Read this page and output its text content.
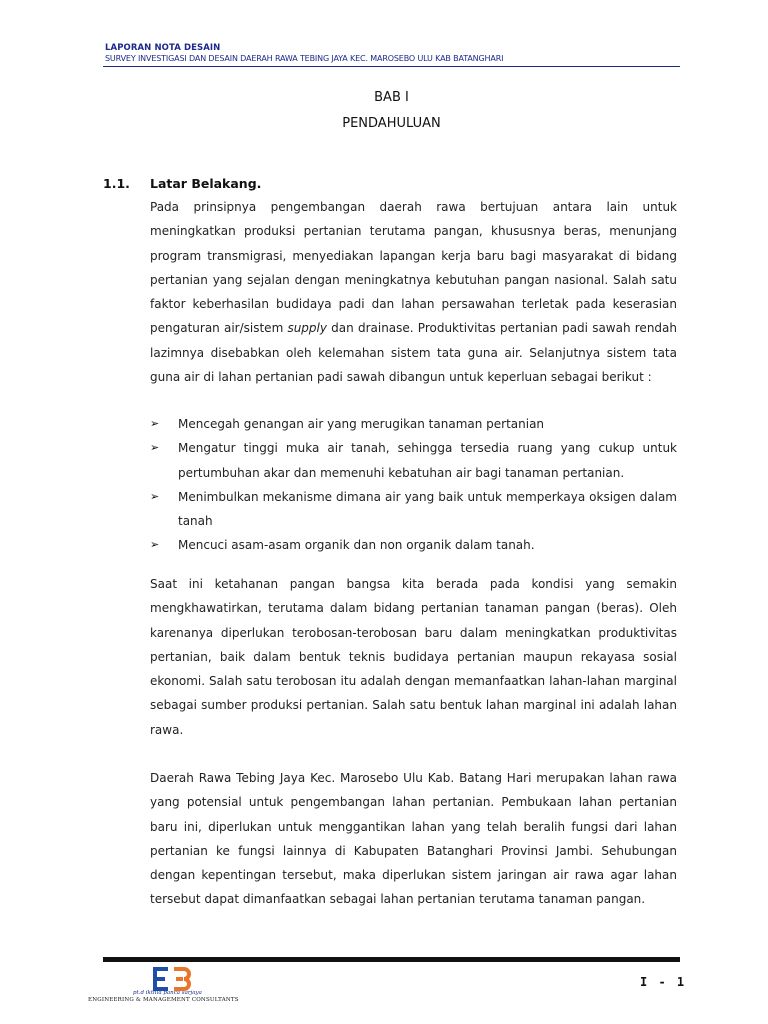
LAPORAN NOTA DESAIN
SURVEY INVESTIGASI DAN DESAIN DAERAH RAWA TEBING JAYA KEC. MAROSEBO ULU KAB BATANGHARI
BAB I
PENDAHULUAN
1.1. Latar Belakang.

Pada prinsipnya pengembangan daerah rawa bertujuan antara lain untuk meningkatkan produksi pertanian terutama pangan, khususnya beras, menunjang program transmigrasi, menyediakan lapangan kerja baru bagi masyarakat di bidang pertanian yang sejalan dengan meningkatnya kebutuhan pangan nasional. Salah satu faktor keberhasilan budidaya padi dan lahan persawahan terletak pada keserasian pengaturan air/sistem supply dan drainase. Produktivitas pertanian padi sawah rendah lazimnya disebabkan oleh kelemahan sistem tata guna air. Selanjutnya sistem tata guna air di lahan pertanian padi sawah dibangun untuk keperluan sebagai berikut :

➢ Mencegah genangan air yang merugikan tanaman pertanian
➢ Mengatur tinggi muka air tanah, sehingga tersedia ruang yang cukup untuk pertumbuhan akar dan memenuhi kebatuhan air bagi tanaman pertanian.
➢ Menimbulkan mekanisme dimana air yang baik untuk memperkaya oksigen dalam tanah
➢ Mencuci asam-asam organik dan non organik dalam tanah.

Saat ini ketahanan pangan bangsa kita berada pada kondisi yang semakin mengkhawatirkan, terutama dalam bidang pertanian tanaman pangan (beras). Oleh karenanya diperlukan terobosan-terobosan baru dalam meningkatkan produktivitas pertanian, baik dalam bentuk teknis budidaya pertanian maupun rekayasa sosial ekonomi. Salah satu terobosan itu adalah dengan memanfaatkan lahan-lahan marginal sebagai sumber produksi pertanian. Salah satu bentuk lahan marginal ini adalah lahan rawa.

Daerah Rawa Tebing Jaya Kec. Marosebo Ulu Kab. Batang Hari merupakan lahan rawa yang potensial untuk pengembangan lahan pertanian. Pembukaan lahan pertanian baru ini, diperlukan untuk menggantikan lahan yang telah beralih fungsi dari lahan pertanian ke fungsi lainnya di Kabupaten Batanghari Provinsi Jambi. Sehubungan dengan kepentingan tersebut, maka diperlukan sistem jaringan air rawa agar lahan tersebut dapat dimanfaatkan sebagai lahan pertanian terutama tanaman pangan.

pt.d iktiila panca sarjaya
ENGINEERING & MANAGEMENT CONSULTANTS
I - 1
